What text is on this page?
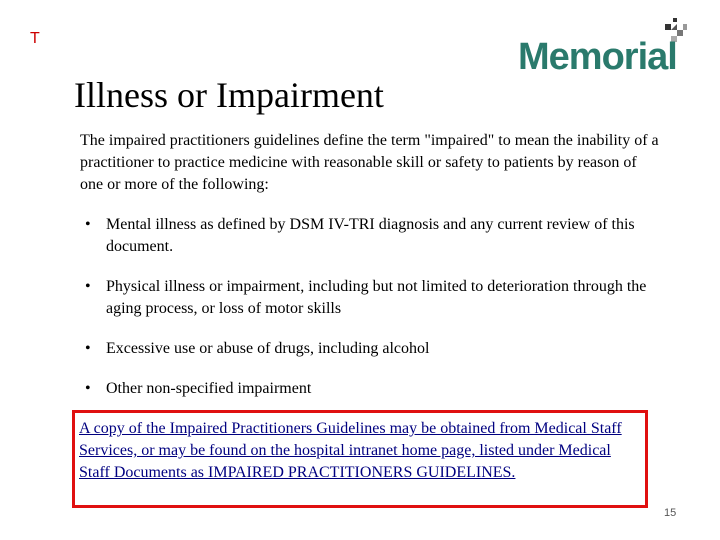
T	Memorial
Illness or Impairment

The impaired practitioners guidelines define the term "impaired" to mean the inability of a practitioner to practice medicine with reasonable skill or safety to patients by reason of one or more of the following:

• Mental illness as defined by DSM IV-TRI diagnosis and any current review of this document.
• Physical illness or impairment, including but not limited to deterioration through the aging process, or loss of motor skills
• Excessive use or abuse of drugs, including alcohol
• Other non-specified impairment

A copy of the Impaired Practitioners Guidelines may be obtained from Medical Staff Services, or may be found on the hospital intranet home page, listed under Medical Staff Documents as IMPAIRED PRACTITIONERS GUIDELINES.

15
